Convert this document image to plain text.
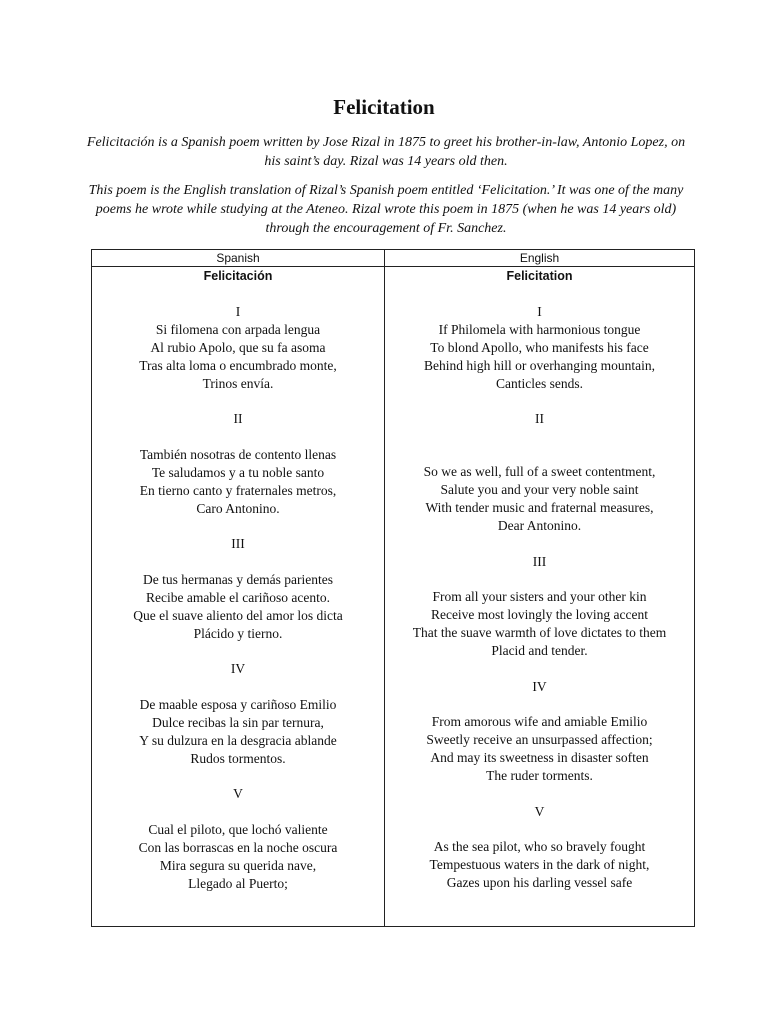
Felicitation
Felicitación is a Spanish poem written by Jose Rizal in 1875 to greet his brother-in-law, Antonio Lopez, on his saint’s day. Rizal was 14 years old then.
This poem is the English translation of Rizal’s Spanish poem entitled ‘Felicitation.’ It was one of the many poems he wrote while studying at the Ateneo. Rizal wrote this poem in 1875 (when he was 14 years old) through the encouragement of Fr. Sanchez.
Spanish	English
Felicitación
I
Si filomena con arpada lengua
Al rubio Apolo, que su fa asoma
Tras alta loma o encumbrado monte,
Trinos envía.
II
También nosotras de contento llenas
Te saludamos y a tu noble santo
En tierno canto y fraternales metros,
Caro Antonino.
III
De tus hermanas y demás parientes
Recibe amable el cariñoso acento.
Que el suave aliento del amor los dicta
Plácido y tierno.
IV
De maable esposa y cariñoso Emilio
Dulce recibas la sin par ternura,
Y su dulzura en la desgracia ablande
Rudos tormentos.
V
Cual el piloto, que lochó valiente
Con las borrascas en la noche oscura
Mira segura su querida nave,
Llegado al Puerto;
Felicitation
I
If Philomela with harmonious tongue
To blond Apollo, who manifests his face
Behind high hill or overhanging mountain,
Canticles sends.
II
So we as well, full of a sweet contentment,
Salute you and your very noble saint
With tender music and fraternal measures,
Dear Antonino.
III
From all your sisters and your other kin
Receive most lovingly the loving accent
That the suave warmth of love dictates to them
Placid and tender.
IV
From amorous wife and amiable Emilio
Sweetly receive an unsurpassed affection;
And may its sweetness in disaster soften
The ruder torments.
V
As the sea pilot, who so bravely fought
Tempestuous waters in the dark of night,
Gazes upon his darling vessel safe
